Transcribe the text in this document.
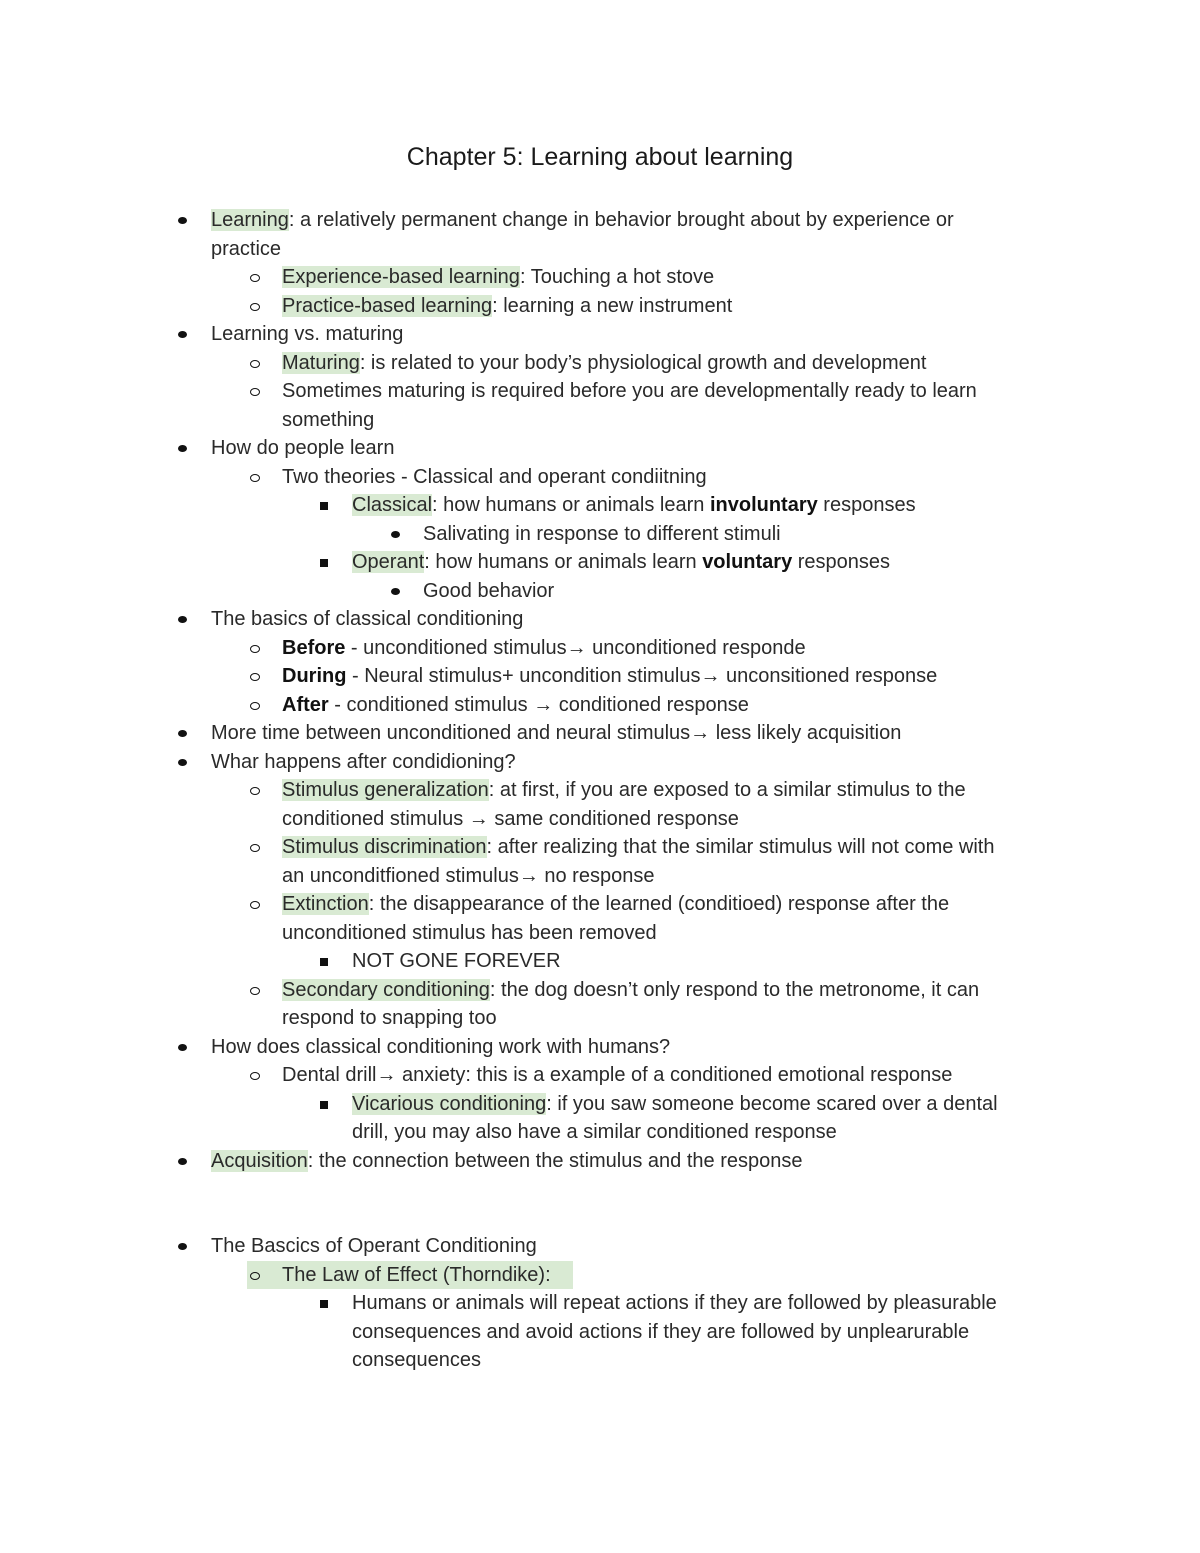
Chapter 5: Learning about learning
Learning: a relatively permanent change in behavior brought about by experience or
practice
Experience-based learning: Touching a hot stove
Practice-based learning: learning a new instrument
Learning vs. maturing
Maturing: is related to your body’s physiological growth and development
Sometimes maturing is required before you are developmentally ready to learn
something
How do people learn
Two theories - Classical and operant condiitning
Classical: how humans or animals learn involuntary responses
Salivating in response to different stimuli
Operant: how humans or animals learn voluntary responses
Good behavior
The basics of classical conditioning
Before - unconditioned stimulus→ unconditioned responde
During - Neural stimulus+ uncondition stimulus→ unconsitioned response
After - conditioned stimulus → conditioned response
More time between unconditioned and neural stimulus→ less likely acquisition
Whar happens after condidioning?
Stimulus generalization: at first, if you are exposed to a similar stimulus to the
conditioned stimulus → same conditioned response
Stimulus discrimination: after realizing that the similar stimulus will not come with
an unconditfioned stimulus→ no response
Extinction: the disappearance of the learned (conditioed) response after the
unconditioned stimulus has been removed
NOT GONE FOREVER
Secondary conditioning: the dog doesn’t only respond to the metronome, it can
respond to snapping too
How does classical conditioning work with humans?
Dental drill→ anxiety: this is a example of a conditioned emotional response
Vicarious conditioning: if you saw someone become scared over a dental
drill, you may also have a similar conditioned response
Acquisition: the connection between the stimulus and the response
The Bascics of Operant Conditioning
The Law of Effect (Thorndike):
Humans or animals will repeat actions if they are followed by pleasurable
consequences and avoid actions if they are followed by unplearurable
consequences
